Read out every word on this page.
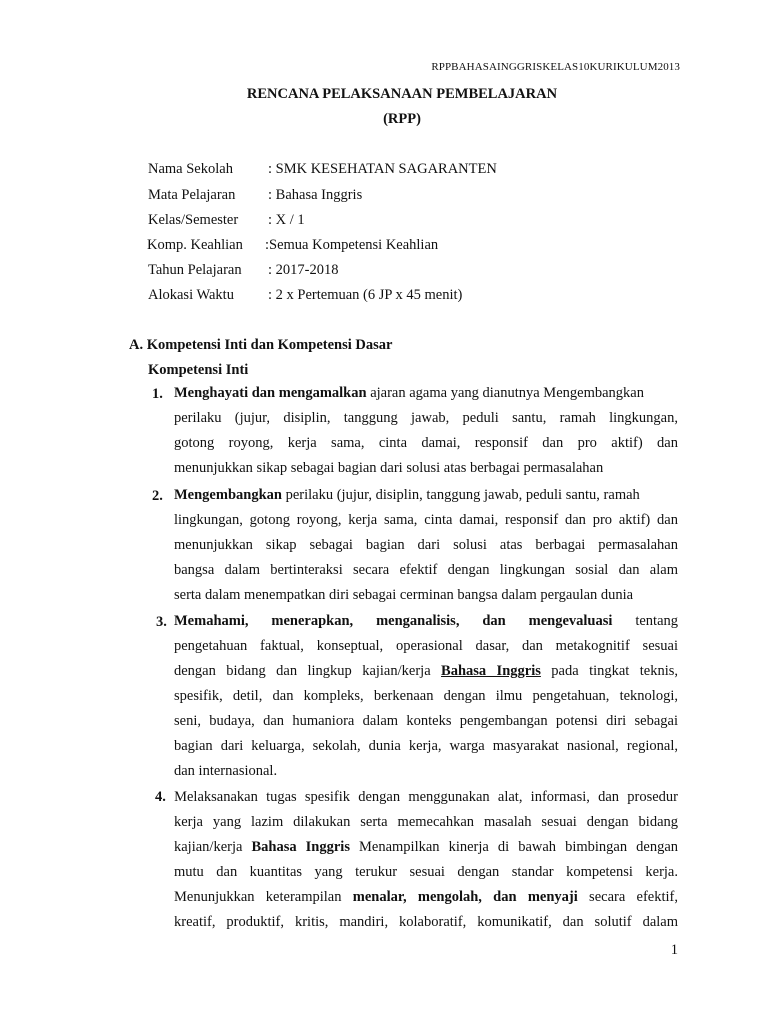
RPPBAHASAINGGRISKELAS10KURIKULUM2013
RENCANA PELAKSANAAN PEMBELAJARAN
(RPP)
Nama Sekolah : SMK KESEHATAN SAGARANTEN
Mata Pelajaran : Bahasa Inggris
Kelas/Semester : X / 1
Komp. Keahlian :Semua Kompetensi Keahlian
Tahun Pelajaran : 2017-2018
Alokasi Waktu : 2 x Pertemuan (6 JP x 45 menit)
A. Kompetensi Inti dan Kompetensi Dasar
Kompetensi Inti
1. Menghayati dan mengamalkan ajaran agama yang dianutnya Mengembangkan
perilaku (jujur, disiplin, tanggung jawab, peduli santu, ramah lingkungan,
gotong royong, kerja sama, cinta damai, responsif dan pro aktif) dan
menunjukkan sikap sebagai bagian dari solusi atas berbagai permasalahan
2. Mengembangkan perilaku (jujur, disiplin, tanggung jawab, peduli santu, ramah
lingkungan, gotong royong, kerja sama, cinta damai, responsif dan pro aktif) dan
menunjukkan sikap sebagai bagian dari solusi atas berbagai permasalahan
bangsa dalam bertinteraksi secara efektif dengan lingkungan sosial dan alam
serta dalam menempatkan diri sebagai cerminan bangsa dalam pergaulan dunia
3. Memahami, menerapkan, menganalisis, dan mengevaluasi tentang
pengetahuan faktual, konseptual, operasional dasar, dan metakognitif sesuai
dengan bidang dan lingkup kajian/kerja Bahasa Inggris pada tingkat teknis,
spesifik, detil, dan kompleks, berkenaan dengan ilmu pengetahuan, teknologi,
seni, budaya, dan humaniora dalam konteks pengembangan potensi diri sebagai
bagian dari keluarga, sekolah, dunia kerja, warga masyarakat nasional, regional,
dan internasional.
4. Melaksanakan tugas spesifik dengan menggunakan alat, informasi, dan prosedur
kerja yang lazim dilakukan serta memecahkan masalah sesuai dengan bidang
kajian/kerja Bahasa Inggris Menampilkan kinerja di bawah bimbingan dengan
mutu dan kuantitas yang terukur sesuai dengan standar kompetensi kerja.
Menunjukkan keterampilan menalar, mengolah, dan menyaji secara efektif,
kreatif, produktif, kritis, mandiri, kolaboratif, komunikatif, dan solutif dalam
1
